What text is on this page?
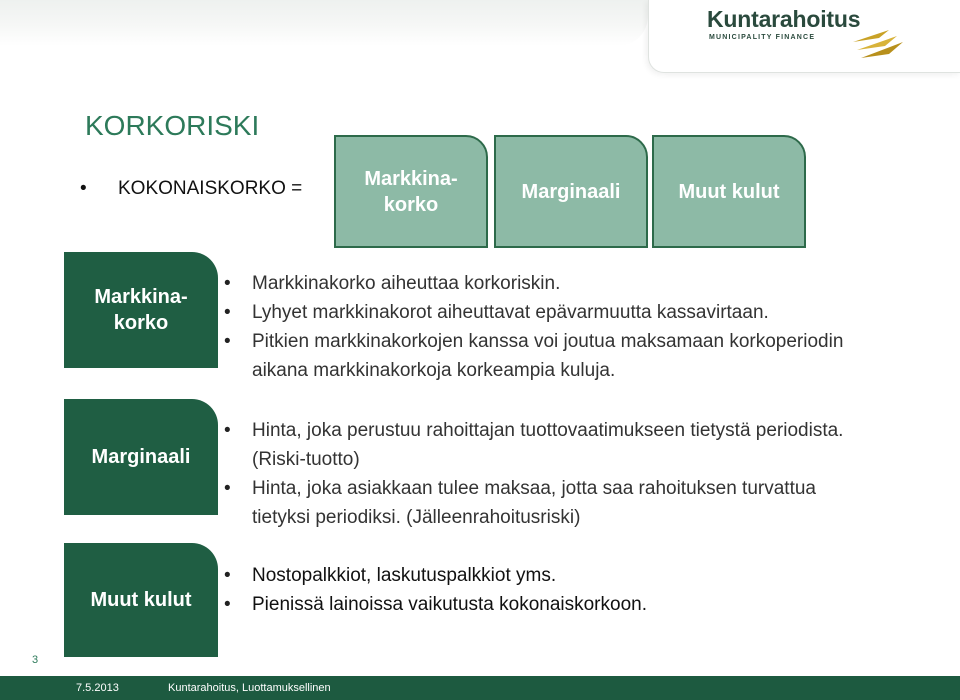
Kuntarahoitus
MUNICIPALITY FINANCE
KORKORISKI
• KOKONAISKORKO =	Markkina-
korko
Marginaali	Muut kulut
Markkina-
korko
• Markkinakorko aiheuttaa korkoriskin.
• Lyhyet markkinakorot aiheuttavat epävarmuutta kassavirtaan.
• Pitkien markkinakorkojen kanssa voi joutua maksamaan korkoperiodin aikana markkinakorkoja korkeampia kuluja.
Marginaali
• Hinta, joka perustuu rahoittajan tuottovaatimukseen tietystä periodista. (Riski-tuotto)
• Hinta, joka asiakkaan tulee maksaa, jotta saa rahoituksen turvattua tietyksi periodiksi. (Jälleenrahoitusriski)
Muut kulut
• Nostopalkkiot, laskutuspalkkiot yms.
• Pienissä lainoissa vaikutusta kokonaiskorkoon.
3
7.5.2013	Kuntarahoitus, Luottamuksellinen
